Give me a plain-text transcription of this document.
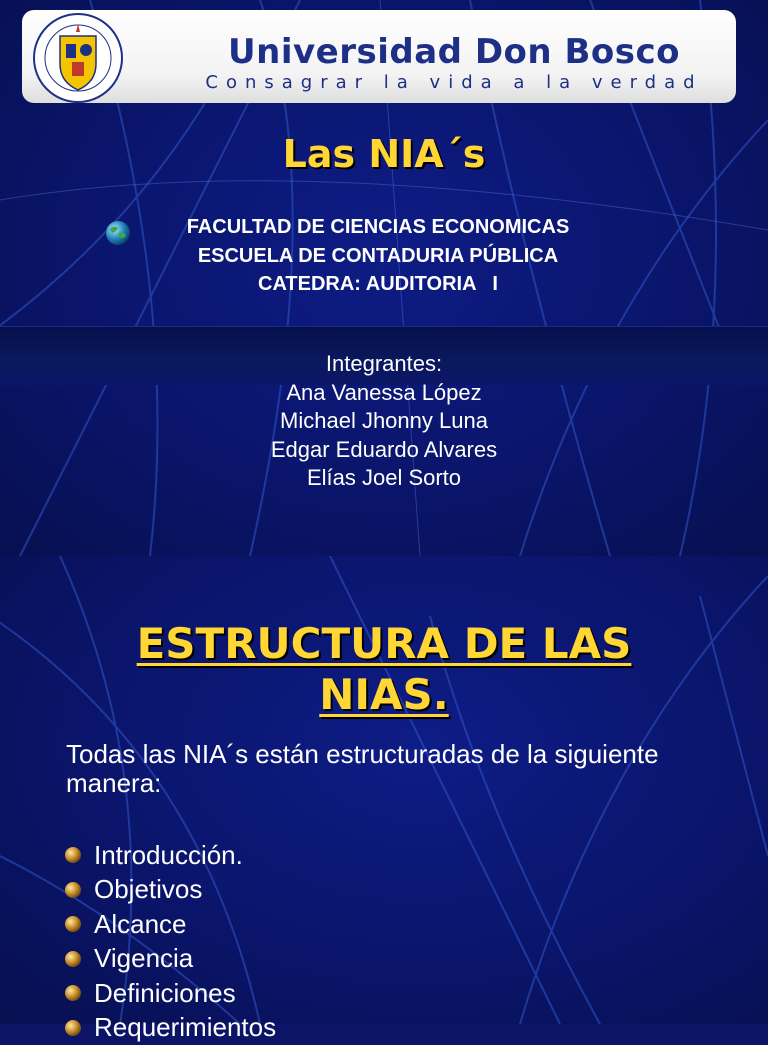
Universidad Don Bosco
Consagrar la vida a la verdad
Las NIA´s
FACULTAD DE CIENCIAS ECONOMICAS
ESCUELA DE CONTADURIA PÚBLICA
CATEDRA: AUDITORIA   I
Integrantes:
Ana Vanessa López
Michael Jhonny Luna
Edgar Eduardo Alvares
Elías Joel Sorto
ESTRUCTURA DE LAS NIAS.
Todas las NIA´s están estructuradas de la siguiente manera:
Introducción.
Objetivos
Alcance
Vigencia
Definiciones
Requerimientos
